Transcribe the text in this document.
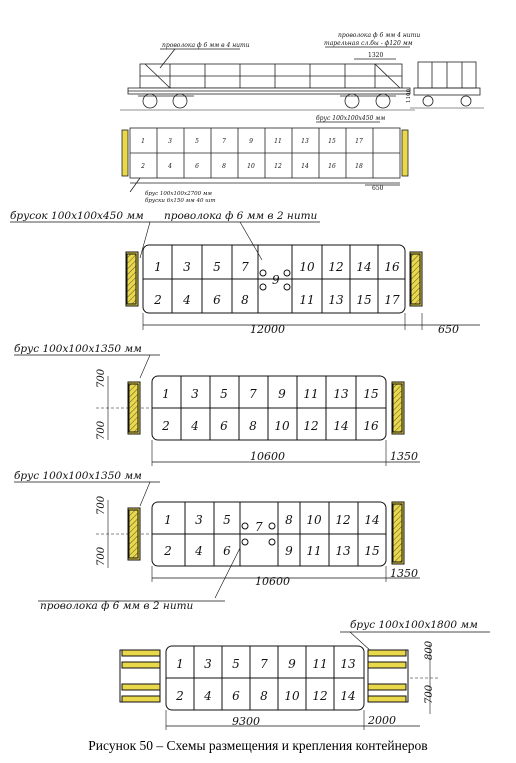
проволока ф 6 мм в 4 нити
проволока ф 6 мм 4 нити
тарельная сл.бы - ф120 мм
1320
1100
брус 100х100х450 мм
брус 100х100х2700 мм
бруски 6х150 мм 40 шт
650
1	3	5	7	9	11	13	15	17
2	4	6	8	10	12	14	16	18
брусок 100х100х450 мм проволока ф 6 мм в 2 нити
9
12000	650
1 3 5 7	10 12 14 16
2 4 6 8	11 13 15 17
брус 100х100х1350 мм
700
700
10600	1350
1 3 5 7 9 11 13 15
2 4 6 8 10 12 14 16
брус 100х100х1350 мм
700
700
7
10600
1350
проволока ф 6 мм в 2 нити
1 3 5	8 10 12 14
2 4 6	9 11 13 15
брус 100х100х1800 мм
800
700
9300	2000
1 3 5 7 9 11 13
2 4 6 8 10 12 14
Рисунок 50 – Схемы размещения и крепления контейнеров
